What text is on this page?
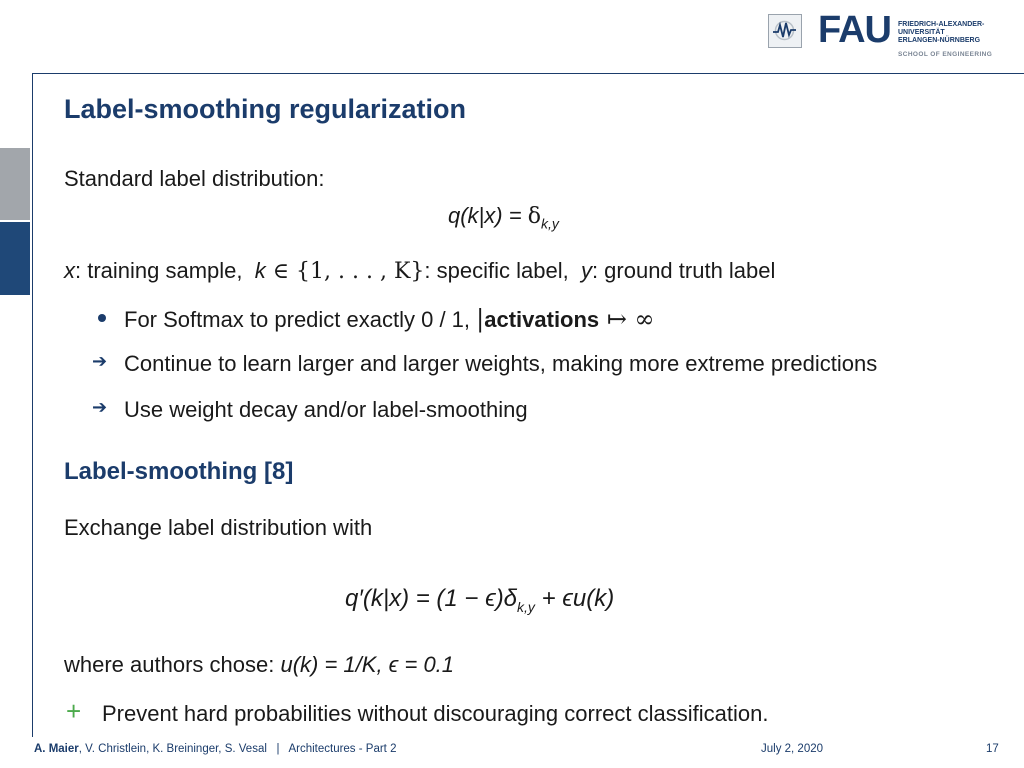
FAU FRIEDRICH-ALEXANDER-
UNIVERSITÄT
ERLANGEN-NÜRNBERG
SCHOOL OF ENGINEERING
Label-smoothing regularization
Standard label distribution:
$q(k|x) = \delta_{k,y}$
x: training sample, k ∈ {1, . . . , K}: specific label, y: ground truth label
For Softmax to predict exactly 0 / 1, |activations ↦ ∞
➔ Continue to learn larger and larger weights, making more extreme predictions
➔ Use weight decay and/or label-smoothing
Label-smoothing [8]
Exchange label distribution with
$q'(k|x) = (1 - \epsilon)\delta_{k,y} + \epsilon u(k)$
where authors chose: u(k) = 1/K, ϵ = 0.1
+ Prevent hard probabilities without discouraging correct classification.
A. Maier, V. Christlein, K. Breininger, S. Vesal | Architectures - Part 2	July 2, 2020	17
